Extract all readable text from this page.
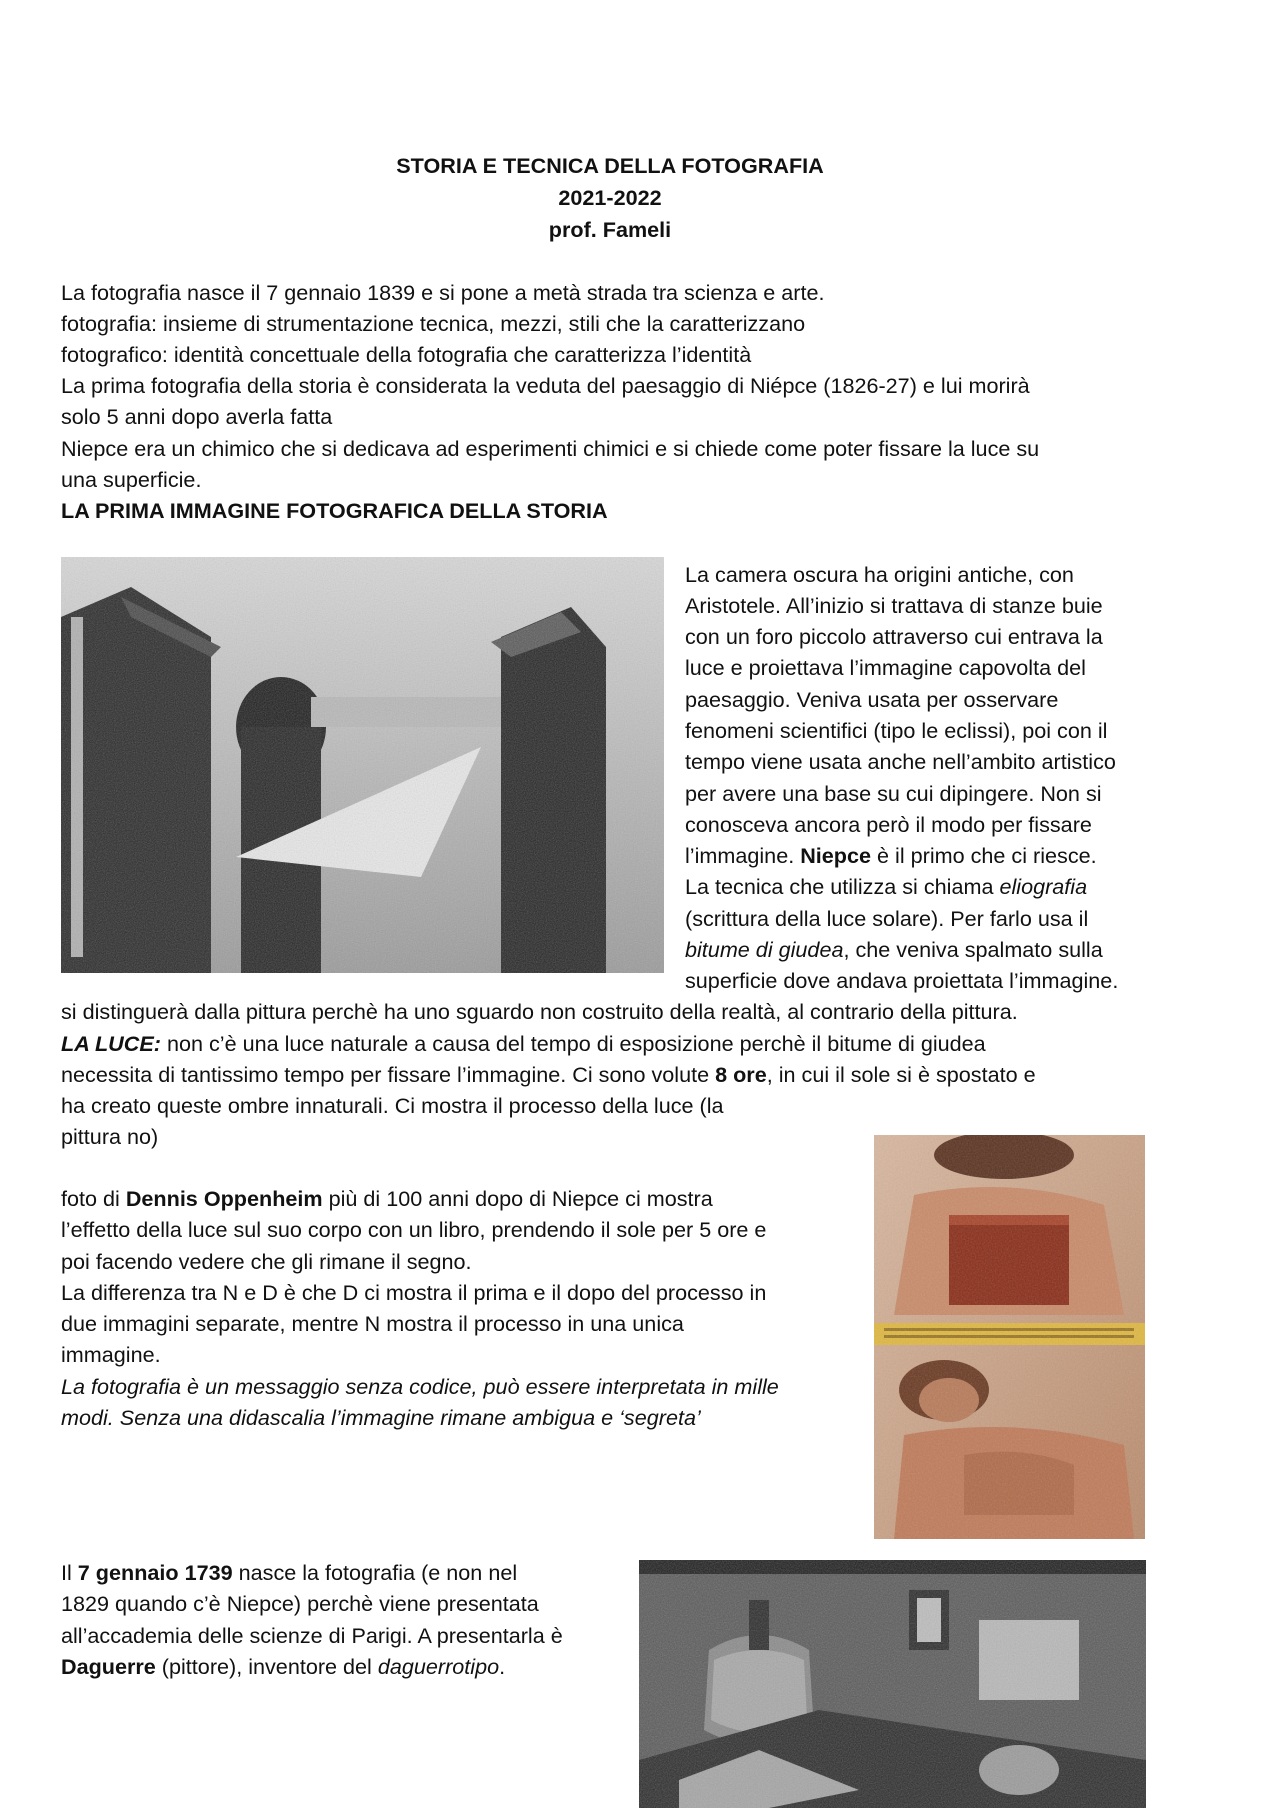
STORIA E TECNICA DELLA FOTOGRAFIA

2021-2022

prof. Fameli

La fotografia nasce il 7 gennaio 1839 e si pone a metà strada tra scienza e arte.

fotografia: insieme di strumentazione tecnica, mezzi, stili che la caratterizzano

fotografico: identità concettuale della fotografia che caratterizza l’identità

La prima fotografia della storia è considerata la veduta del paesaggio di Niépce (1826-27) e lui morirà

solo 5 anni dopo averla fatta

Niepce era un chimico che si dedicava ad esperimenti chimici e si chiede come poter fissare la luce su

una superficie.

LA PRIMA IMMAGINE FOTOGRAFICA DELLA STORIA

La camera oscura ha origini antiche, con

Aristotele. All’inizio si trattava di stanze buie

con un foro piccolo attraverso cui entrava la

luce e proiettava l’immagine capovolta del

paesaggio. Veniva usata per osservare

fenomeni scientifici (tipo le eclissi), poi con il

tempo viene usata anche nell’ambito artistico

per avere una base su cui dipingere. Non si

conosceva ancora però il modo per fissare

l’immagine. Niepce è il primo che ci riesce.

La tecnica che utilizza si chiama eliografia

(scrittura della luce solare). Per farlo usa il

bitume di giudea, che veniva spalmato sulla

superficie dove andava proiettata l’immagine.

si distinguerà dalla pittura perchè ha uno sguardo non costruito della realtà, al contrario della pittura.

LA LUCE: non c’è una luce naturale a causa del tempo di esposizione perchè il bitume di giudea

necessita di tantissimo tempo per fissare l’immagine. Ci sono volute 8 ore, in cui il sole si è spostato e

ha creato queste ombre innaturali. Ci mostra il processo della luce (la

pittura no)

foto di Dennis Oppenheim più di 100 anni dopo di Niepce ci mostra

l’effetto della luce sul suo corpo con un libro, prendendo il sole per 5 ore e

poi facendo vedere che gli rimane il segno.

La differenza tra N e D è che D ci mostra il prima e il dopo del processo in

due immagini separate, mentre N mostra il processo in una unica

immagine.

La fotografia è un messaggio senza codice, può essere interpretata in mille

modi. Senza una didascalia l’immagine rimane ambigua e ‘segreta’

Il 7 gennaio 1739 nasce la fotografia (e non nel

1829 quando c’è Niepce) perchè viene presentata

all’accademia delle scienze di Parigi. A presentarla è

Daguerre (pittore), inventore del daguerrotipo.
